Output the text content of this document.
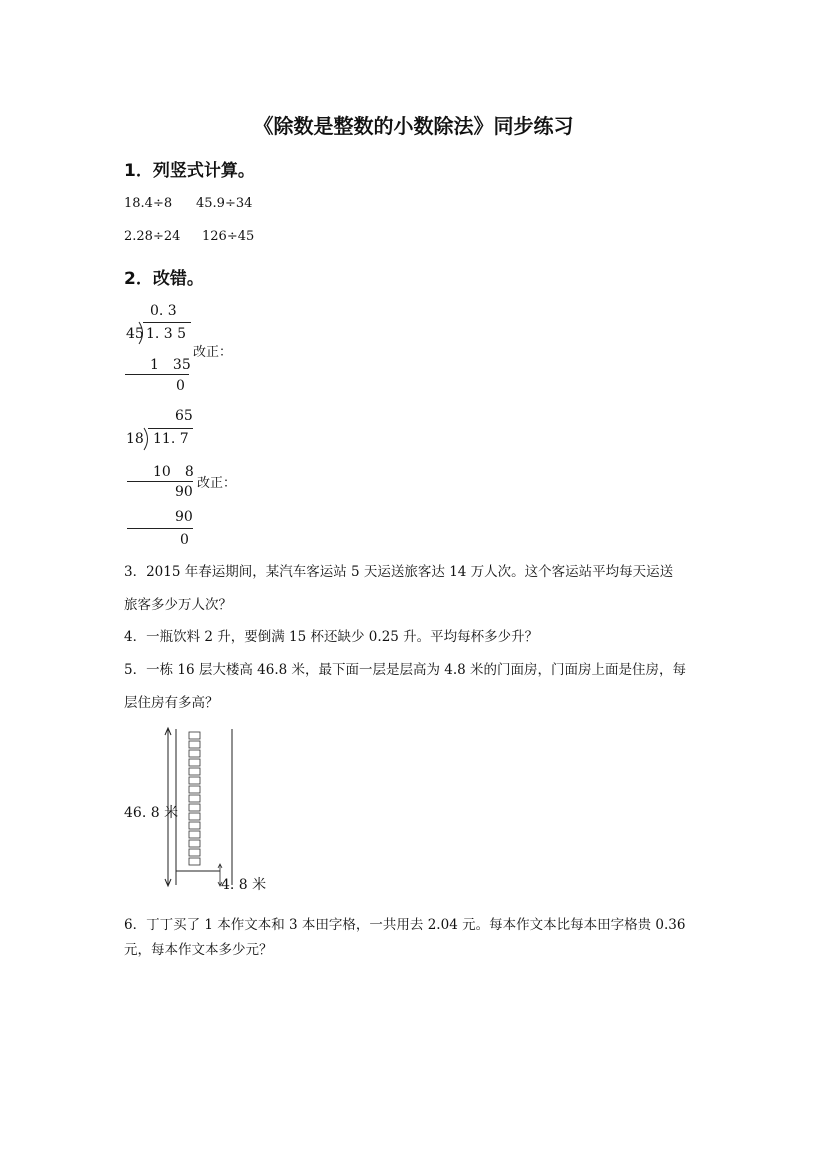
《除数是整数的小数除法》同步练习
1．列竖式计算。
18.4÷8 45.9÷34
2.28÷24 126÷45
2．改错。
0. 3
45 1. 3 5
改正：
1　35
0
65
18 11. 7
10　8
90
改正：
90
0
3．2015 年春运期间，某汽车客运站 5 天运送旅客达 14 万人次。这个客运站平均每天运送
旅客多少万人次？
4．一瓶饮料 2 升，要倒满 15 杯还缺少 0.25 升。平均每杯多少升？
5．一栋 16 层大楼高 46.8 米，最下面一层是层高为 4.8 米的门面房，门面房上面是住房，每
层住房有多高？
46. 8 米
4. 8 米
6．丁丁买了 1 本作文本和 3 本田字格，一共用去 2.04 元。每本作文本比每本田字格贵 0.36
元，每本作文本多少元？
